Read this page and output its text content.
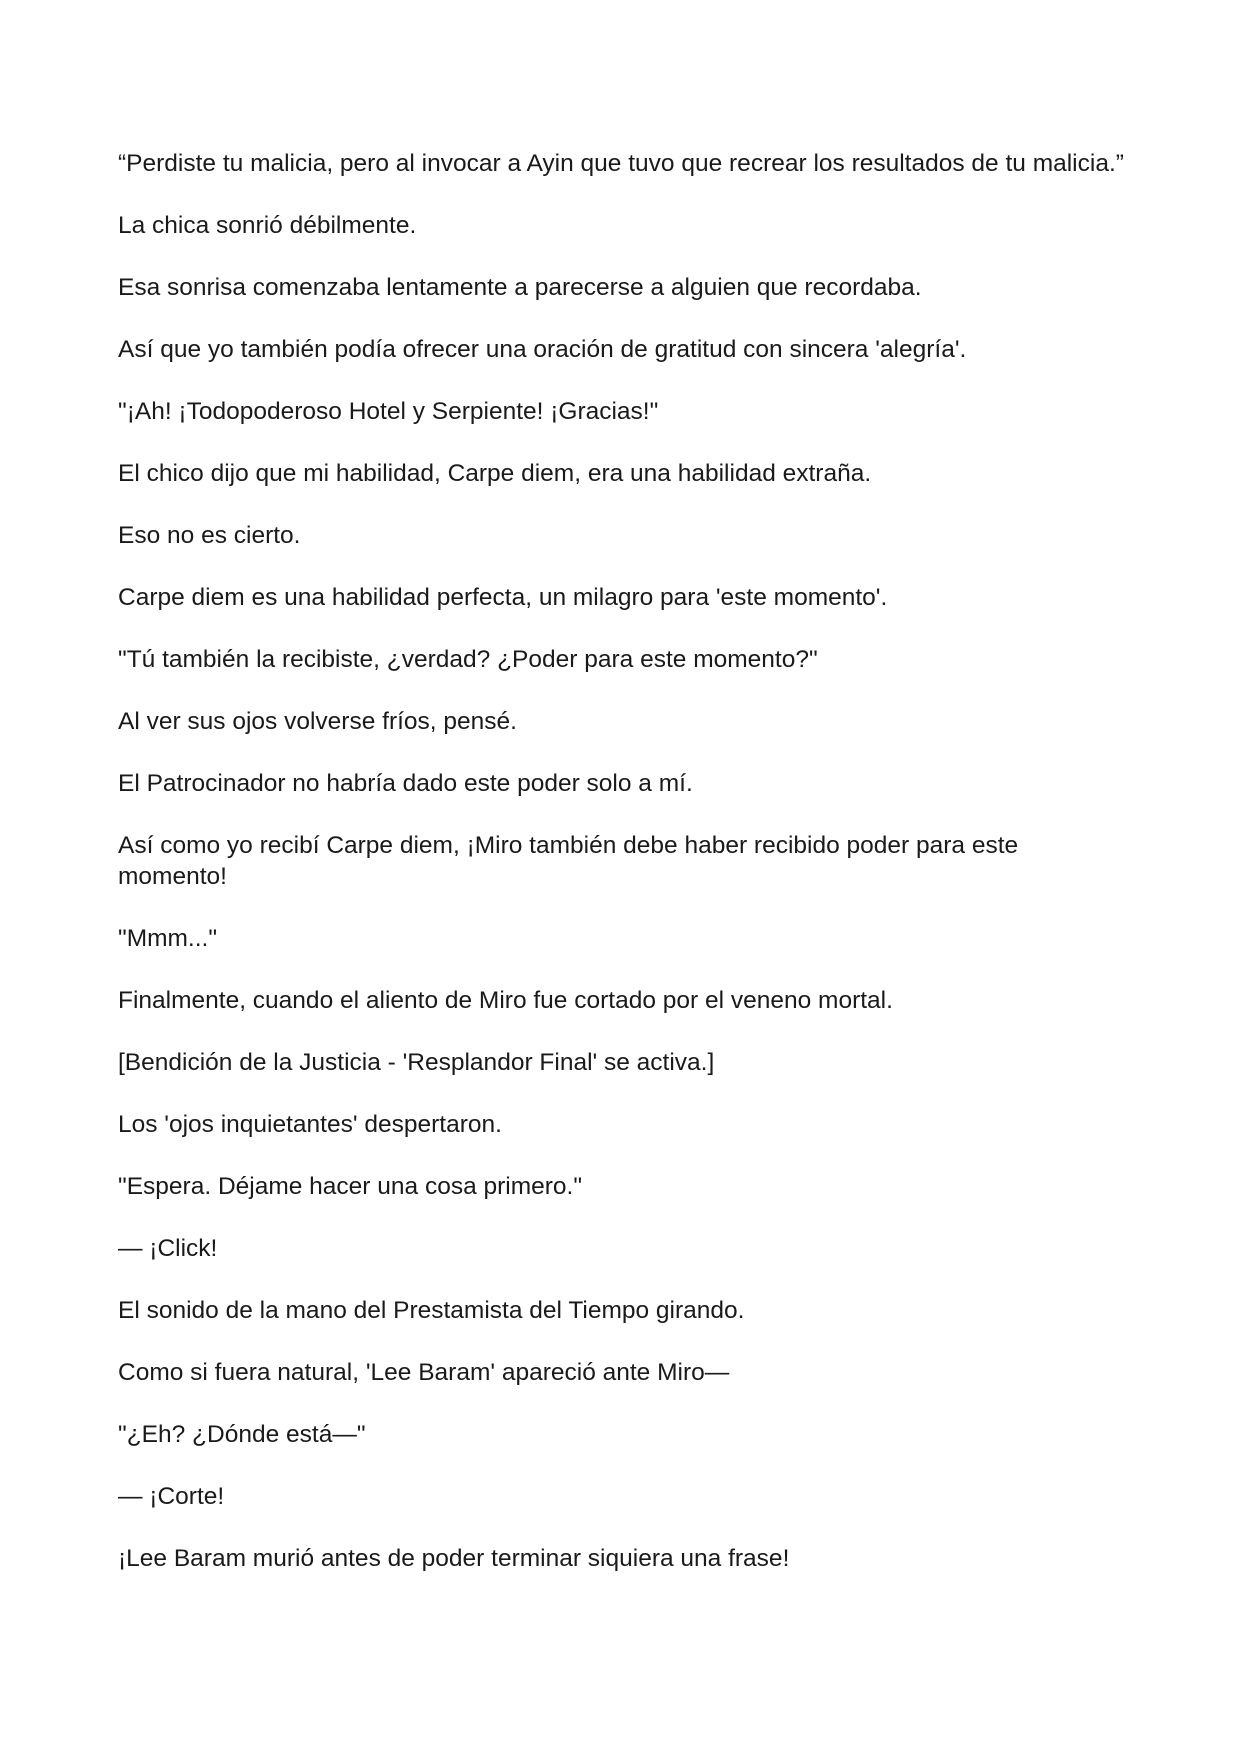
“Perdiste tu malicia, pero al invocar a Ayin que tuvo que recrear los resultados de tu malicia.”

La chica sonrió débilmente.

Esa sonrisa comenzaba lentamente a parecerse a alguien que recordaba.

Así que yo también podía ofrecer una oración de gratitud con sincera 'alegría'.

"¡Ah! ¡Todopoderoso Hotel y Serpiente! ¡Gracias!"

El chico dijo que mi habilidad, Carpe diem, era una habilidad extraña.

Eso no es cierto.

Carpe diem es una habilidad perfecta, un milagro para 'este momento'.

"Tú también la recibiste, ¿verdad? ¿Poder para este momento?"

Al ver sus ojos volverse fríos, pensé.

El Patrocinador no habría dado este poder solo a mí.

Así como yo recibí Carpe diem, ¡Miro también debe haber recibido poder para este momento!

"Mmm..."

Finalmente, cuando el aliento de Miro fue cortado por el veneno mortal.

[Bendición de la Justicia - 'Resplandor Final' se activa.]

Los 'ojos inquietantes' despertaron.

"Espera. Déjame hacer una cosa primero."

— ¡Click!

El sonido de la mano del Prestamista del Tiempo girando.

Como si fuera natural, 'Lee Baram' apareció ante Miro—

"¿Eh? ¿Dónde está—"

— ¡Corte!

¡Lee Baram murió antes de poder terminar siquiera una frase!
